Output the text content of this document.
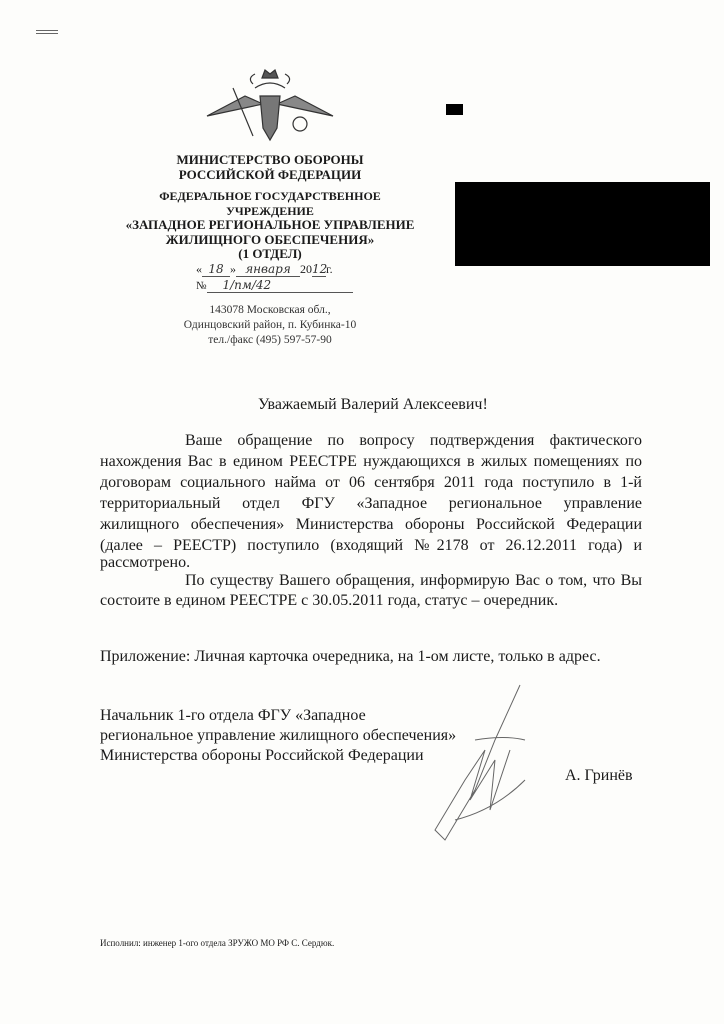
МИНИСТЕРСТВО ОБОРОНЫ
РОССИЙСКОЙ ФЕДЕРАЦИИ
ФЕДЕРАЛЬНОЕ ГОСУДАРСТВЕННОЕ
УЧРЕЖДЕНИЕ
«ЗАПАДНОЕ РЕГИОНАЛЬНОЕ УПРАВЛЕНИЕ
ЖИЛИЩНОГО ОБЕСПЕЧЕНИЯ»
(1 ОТДЕЛ)
« 18 » января 2012г.
№ 1/пм/42
143078 Московская обл.,
Одинцовский район, п. Кубинка-10
тел./факс (495) 597-57-90
Уважаемый Валерий Алексеевич!
Ваше обращение по вопросу подтверждения фактического
нахождения Вас в едином РЕЕСТРЕ нуждающихся в жилых помещениях по
договорам социального найма от 06 сентября 2011 года поступило в 1-й
территориальный отдел ФГУ «Западное региональное управление
жилищного обеспечения» Министерства обороны Российской Федерации
(далее – РЕЕСТР) поступило (входящий №2178 от 26.12.2011 года) и
рассмотрено.
По существу Вашего обращения, информирую Вас о том, что Вы
состоите в едином РЕЕСТРЕ с 30.05.2011 года, статус – очередник.
Приложение: Личная карточка очередника, на 1-ом листе, только в адрес.
Начальник 1-го отдела ФГУ «Западное
региональное управление жилищного обеспечения»
Министерства обороны Российской Федерации
А. Гринёв
Исполнил: инженер 1-ого отдела ЗРУЖО МО РФ С. Сердюк.
